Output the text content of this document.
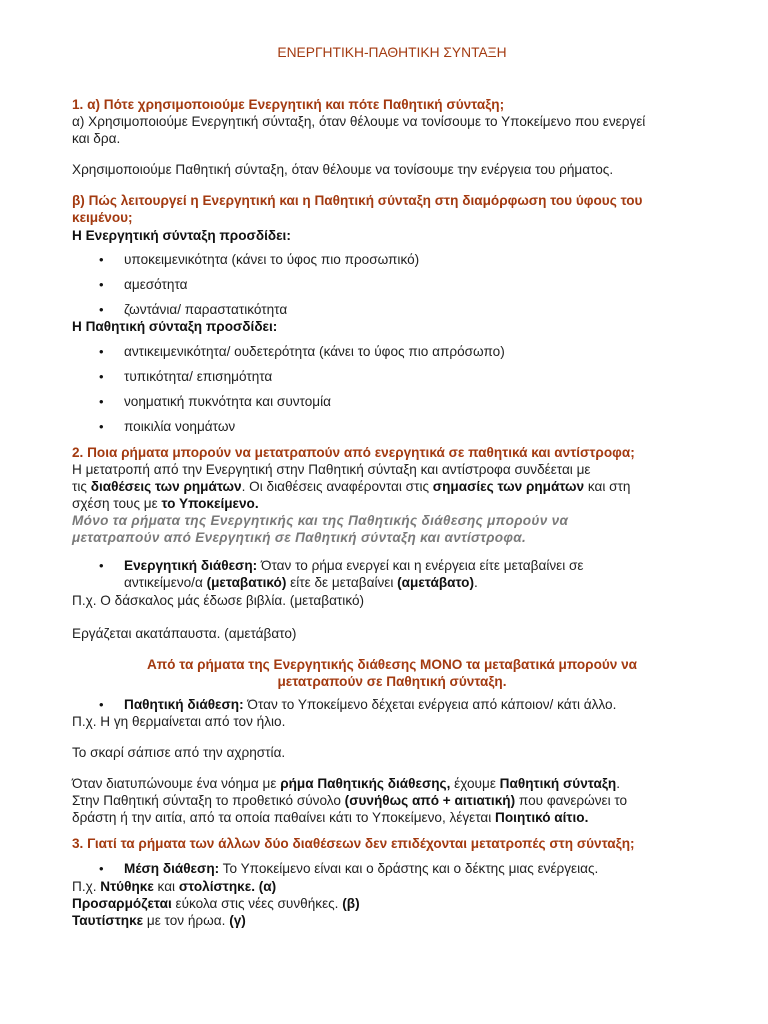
ΕΝΕΡΓΗΤΙΚΗ-ΠΑΘΗΤΙΚΗ ΣΥΝΤΑΞΗ
1. α) Πότε χρησιμοποιούμε Ενεργητική και πότε Παθητική σύνταξη;
α) Χρησιμοποιούμε Ενεργητική σύνταξη, όταν θέλουμε να τονίσουμε το Υποκείμενο που ενεργεί
και δρα.
Χρησιμοποιούμε Παθητική σύνταξη, όταν θέλουμε να τονίσουμε την ενέργεια του ρήματος.
β) Πώς λειτουργεί η Ενεργητική και η Παθητική σύνταξη στη διαμόρφωση του ύφους του
κειμένου;
Η Ενεργητική σύνταξη προσδίδει:
• υποκειμενικότητα (κάνει το ύφος πιο προσωπικό)
• αμεσότητα
• ζωντάνια/ παραστατικότητα
Η Παθητική σύνταξη προσδίδει:
• αντικειμενικότητα/ ουδετερότητα (κάνει το ύφος πιο απρόσωπο)
• τυπικότητα/ επισημότητα
• νοηματική πυκνότητα και συντομία
• ποικιλία νοημάτων
2. Ποια ρήματα μπορούν να μετατραπούν από ενεργητικά σε παθητικά και αντίστροφα;
Η μετατροπή από την Ενεργητική στην Παθητική σύνταξη και αντίστροφα συνδέεται με
τις διαθέσεις των ρημάτων. Οι διαθέσεις αναφέρονται στις σημασίες των ρημάτων και στη
σχέση τους με το Υποκείμενο.
Μόνο τα ρήματα της Ενεργητικής και της Παθητικής διάθεσης μπορούν να
μετατραπούν από Ενεργητική σε Παθητική σύνταξη και αντίστροφα.
• Ενεργητική διάθεση: Όταν το ρήμα ενεργεί και η ενέργεια είτε μεταβαίνει σε
αντικείμενο/α (μεταβατικό) είτε δε μεταβαίνει (αμετάβατο).
Π.χ. Ο δάσκαλος μάς έδωσε βιβλία. (μεταβατικό)
Εργάζεται ακατάπαυστα. (αμετάβατο)
Από τα ρήματα της Ενεργητικής διάθεσης ΜΟΝΟ τα μεταβατικά μπορούν να
μετατραπούν σε Παθητική σύνταξη.
• Παθητική διάθεση: Όταν το Υποκείμενο δέχεται ενέργεια από κάποιον/ κάτι άλλο.
Π.χ. Η γη θερμαίνεται από τον ήλιο.
Το σκαρί σάπισε από την αχρηστία.
Όταν διατυπώνουμε ένα νόημα με ρήμα Παθητικής διάθεσης, έχουμε Παθητική σύνταξη.
Στην Παθητική σύνταξη το προθετικό σύνολο (συνήθως από + αιτιατική) που φανερώνει το
δράστη ή την αιτία, από τα οποία παθαίνει κάτι το Υποκείμενο, λέγεται Ποιητικό αίτιο.
3. Γιατί τα ρήματα των άλλων δύο διαθέσεων δεν επιδέχονται μετατροπές στη σύνταξη;
• Μέση διάθεση: Το Υποκείμενο είναι και ο δράστης και ο δέκτης μιας ενέργειας.
Π.χ. Ντύθηκε και στολίστηκε. (α)
Προσαρμόζεται εύκολα στις νέες συνθήκες. (β)
Ταυτίστηκε με τον ήρωα. (γ)
